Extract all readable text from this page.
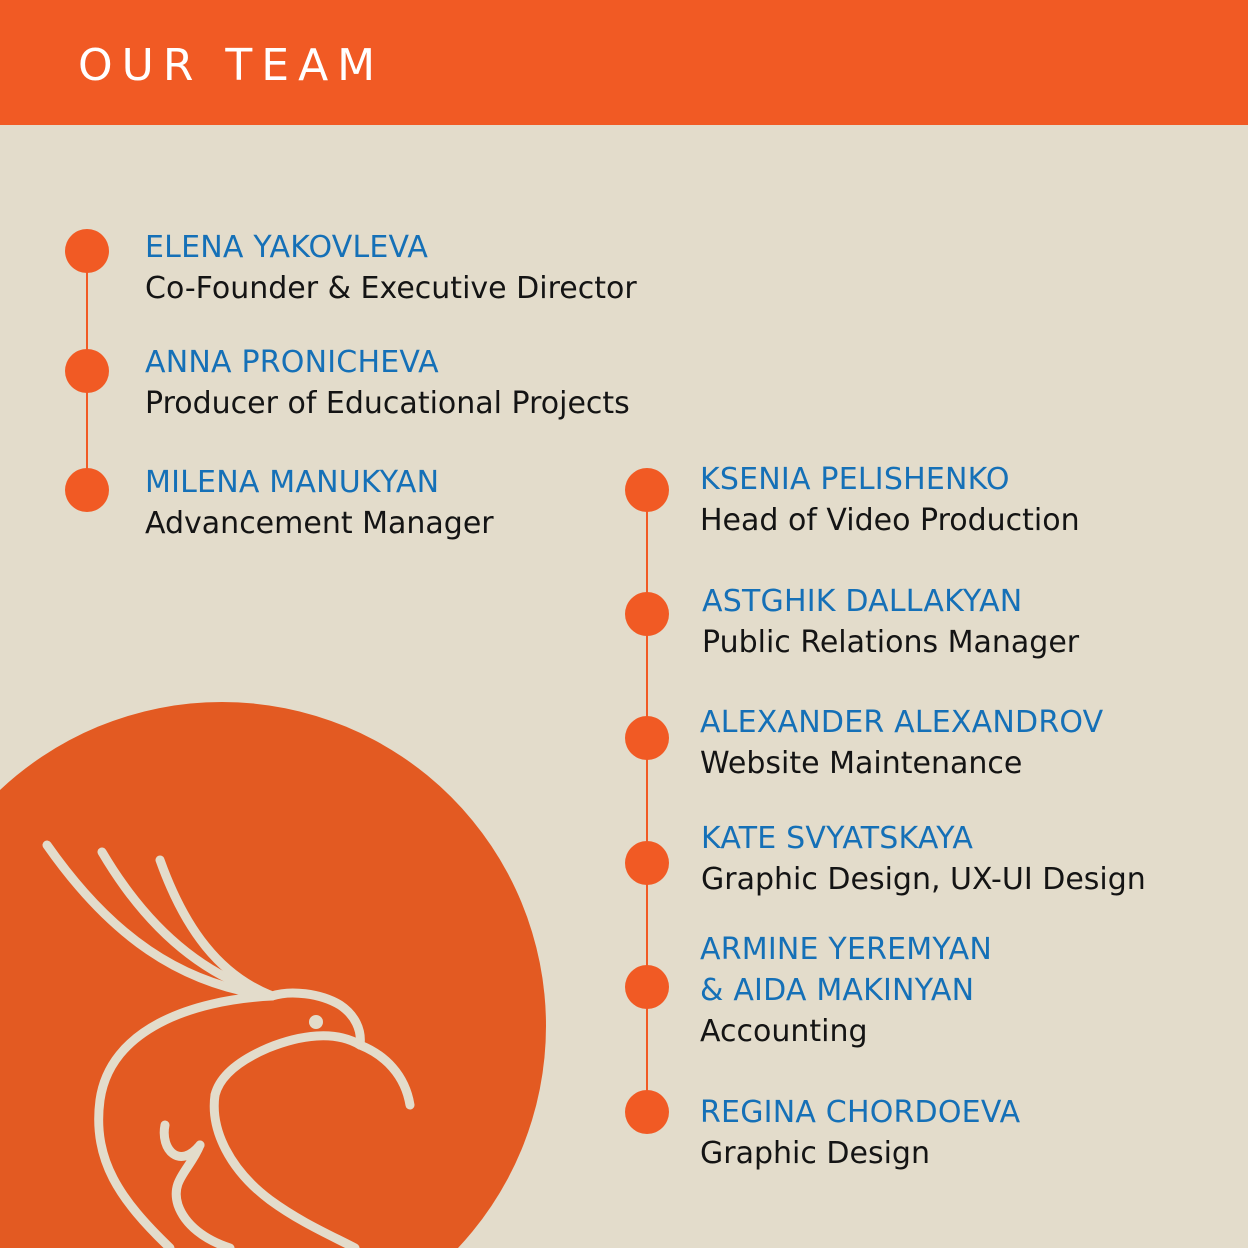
OUR TEAM
ELENA YAKOVLEVA
Co-Founder & Executive Director
ANNA PRONICHEVA
Producer of Educational Projects
MILENA MANUKYAN
Advancement Manager
KSENIA PELISHENKO
Head of Video Production
ASTGHIK DALLAKYAN
Public Relations Manager
ALEXANDER ALEXANDROV
Website Maintenance
KATE SVYATSKAYA
Graphic Design, UX-UI Design
ARMINE YEREMYAN
& AIDA MAKINYAN
Accounting
REGINA CHORDOEVA
Graphic Design
